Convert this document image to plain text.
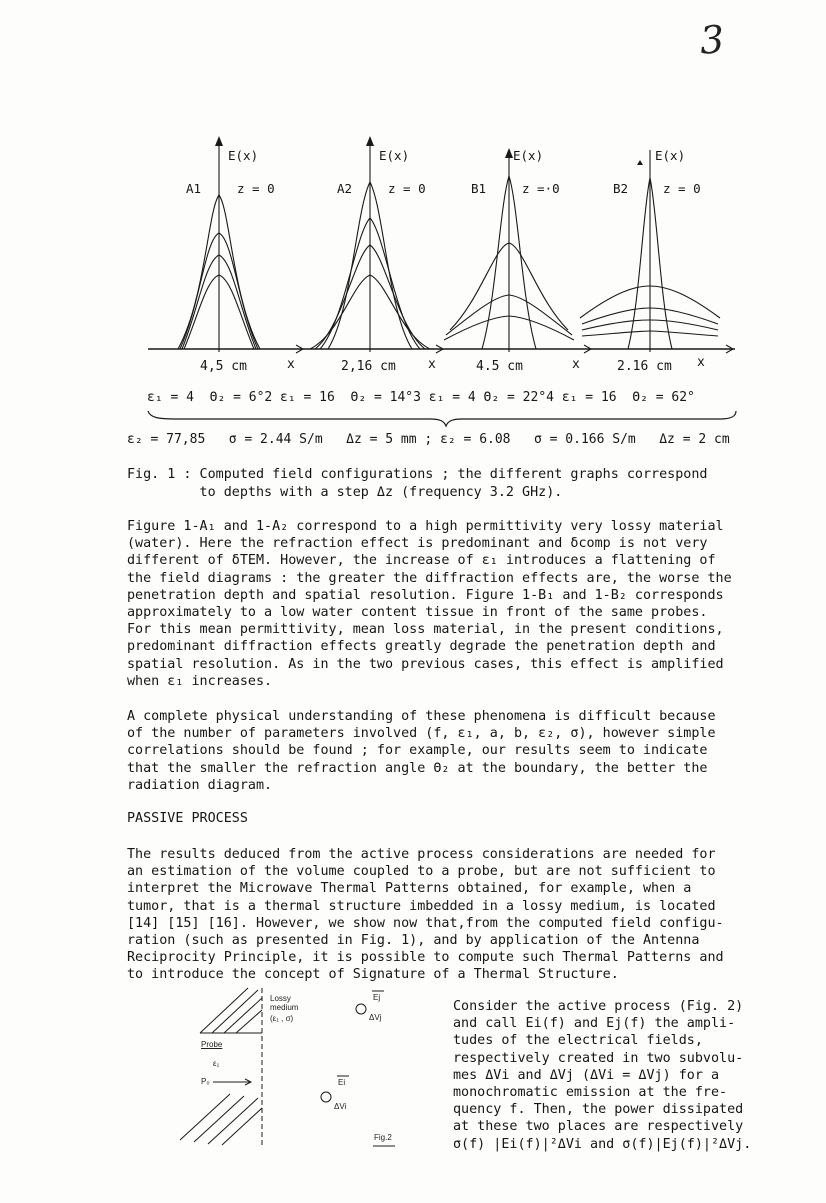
3
E(x)
A1	z = 0
4,5 cm	x
E(x)
A2	z = 0
2,16 cm x
E(x)
B1	z =·0
4.5 cm	x
E(x)
B2	z = 0
2.16 cm x
ε₁ = 4  Θ₂ = 6°2 ε₁ = 16  Θ₂ = 14°3 ε₁ = 4 Θ₂ = 22°4 ε₁ = 16  Θ₂ = 62°
ε₂ = 77,85   σ = 2.44 S/m   Δz = 5 mm ; ε₂ = 6.08   σ = 0.166 S/m   Δz = 2 cm
Fig. 1 : Computed field configurations ; the different graphs correspond
to depths with a step Δz (frequency 3.2 GHz).
Figure 1-A₁ and 1-A₂ correspond to a high permittivity very lossy material
(water). Here the refraction effect is predominant and δcomp is not very
different of δTEM. However, the increase of ε₁ introduces a flattening of
the field diagrams : the greater the diffraction effects are, the worse the
penetration depth and spatial resolution. Figure 1-B₁ and 1-B₂ corresponds
approximately to a low water content tissue in front of the same probes.
For this mean permittivity, mean loss material, in the present conditions,
predominant diffraction effects greatly degrade the penetration depth and
spatial resolution. As in the two previous cases, this effect is amplified
when ε₁ increases.
A complete physical understanding of these phenomena is difficult because
of the number of parameters involved (f, ε₁, a, b, ε₂, σ), however simple
correlations should be found ; for example, our results seem to indicate
that the smaller the refraction angle Θ₂ at the boundary, the better the
radiation diagram.
PASSIVE PROCESS
The results deduced from the active process considerations are needed for
an estimation of the volume coupled to a probe, but are not sufficient to
interpret the Microwave Thermal Patterns obtained, for example, when a
tumor, that is a thermal structure imbedded in a lossy medium, is located
[14] [15] [16]. However, we show now that,from the computed field configu-
ration (such as presented in Fig. 1), and by application of the Antenna
Reciprocity Principle, it is possible to compute such Thermal Patterns and
to introduce the concept of Signature of a Thermal Structure.
Lossy
medium
(ε₁ , σ)
Probe
ε₁
P₀
Ej
ΔVj
Ei
ΔVi
Fig.2
Consider the active process (Fig. 2)
and call Ei(f) and Ej(f) the ampli-
tudes of the electrical fields,
respectively created in two subvolu-
mes ΔVi and ΔVj (ΔVi = ΔVj) for a
monochromatic emission at the fre-
quency f. Then, the power dissipated
at these two places are respectively
σ(f) |Ei(f)|²ΔVi and σ(f)|Ej(f)|²ΔVj.
